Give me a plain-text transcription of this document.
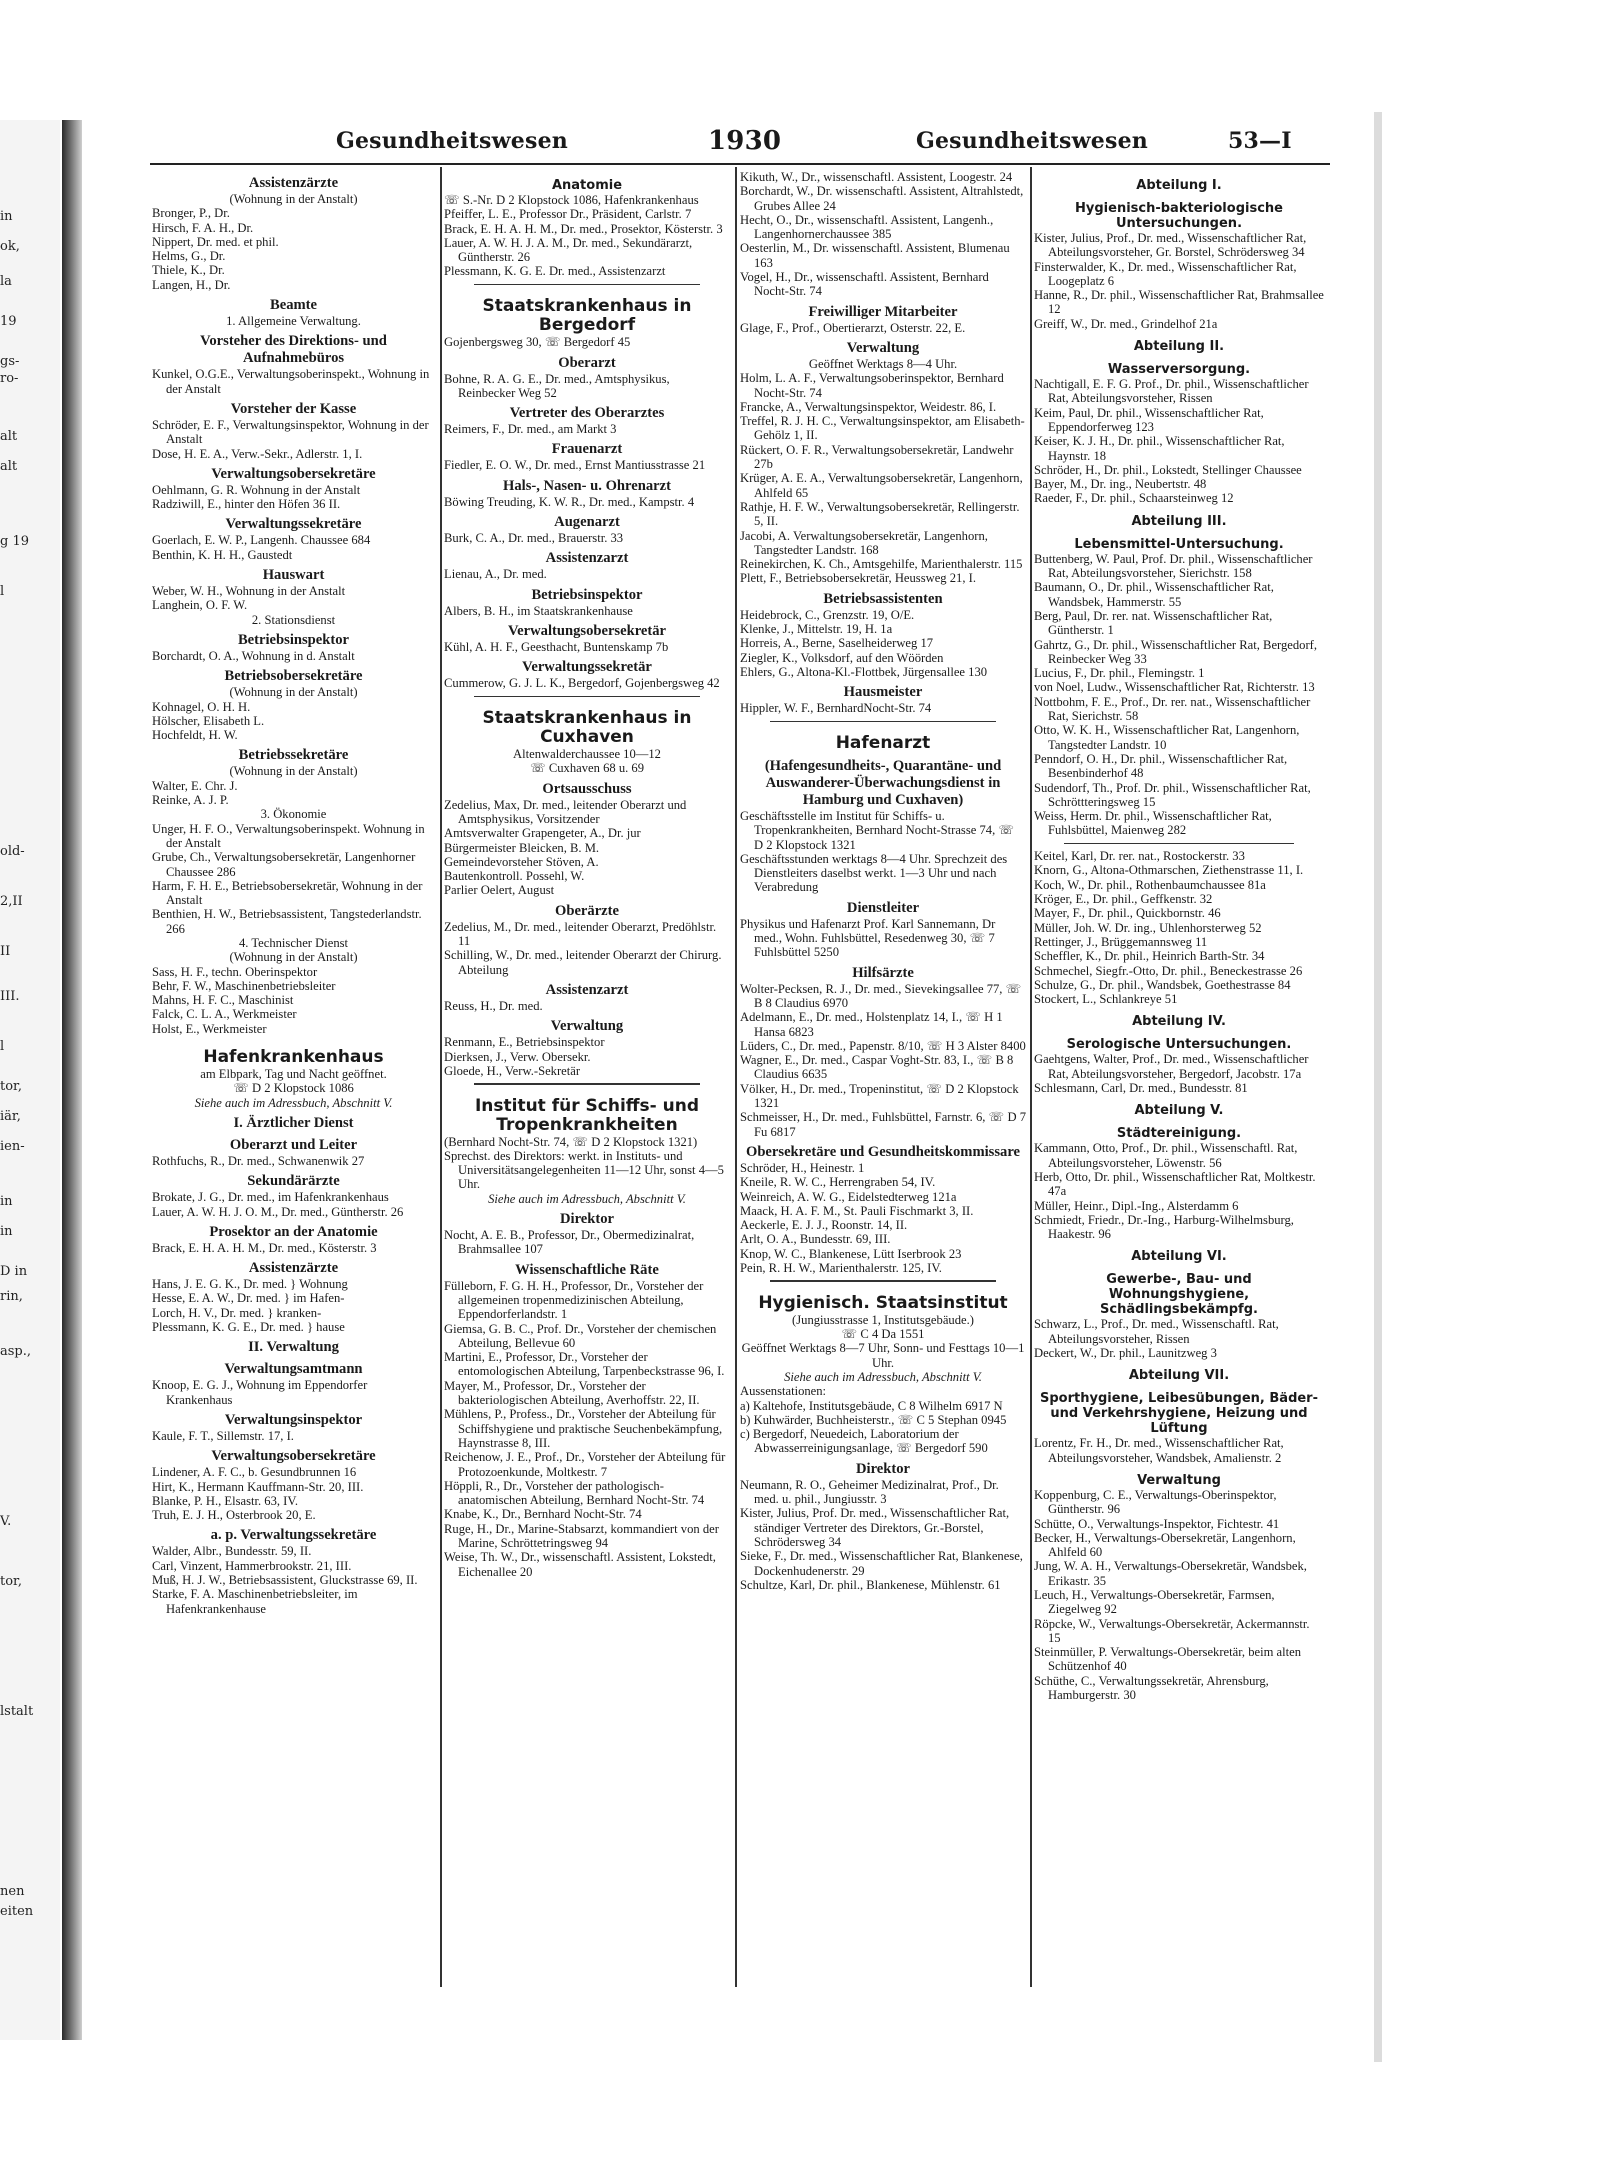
in
ok,
la
19
gs-
ro-
alt
alt
g 19
l
old-
2,II
II
III.
l
tor,
iär,
ien-
in
in
D in
rin,
asp.,
V.
tor,
lstalt
nen
eiten
Gesundheitswesen	1930	Gesundheitswesen	53—I
Assistenzärzte
(Wohnung in der Anstalt)
Bronger, P., Dr.
Hirsch, F. A. H., Dr.
Nippert, Dr. med. et phil.
Helms, G., Dr.
Thiele, K., Dr.
Langen, H., Dr.
Beamte
1. Allgemeine Verwaltung.
Vorsteher des Direktions- und Aufnahmebüros
Kunkel, O.G.E., Verwaltungsoberinspekt., Wohnung in der Anstalt
Vorsteher der Kasse
Schröder, E. F., Verwaltungsinspektor, Wohnung in der Anstalt
Dose, H. E. A., Verw.-Sekr., Adlerstr. 1, I.
Verwaltungsobersekretäre
Oehlmann, G. R. Wohnung in der Anstalt
Radziwill, E., hinter den Höfen 36 II.
Verwaltungssekretäre
Goerlach, E. W. P., Langenh. Chaussee 684
Benthin, K. H. H., Gaustedt
Hauswart
Weber, W. H., Wohnung in der Anstalt
Langhein, O. F. W.
2. Stationsdienst
Betriebsinspektor
Borchardt, O. A., Wohnung in d. Anstalt
Betriebsobersekretäre
(Wohnung in der Anstalt)
Kohnagel, O. H. H.
Hölscher, Elisabeth L.
Hochfeldt, H. W.
Betriebssekretäre
(Wohnung in der Anstalt)
Walter, E. Chr. J.
Reinke, A. J. P.
3. Ökonomie
Unger, H. F. O., Verwaltungsoberinspekt. Wohnung in der Anstalt
Grube, Ch., Verwaltungsobersekretär, Langenhorner Chaussee 286
Harm, F. H. E., Betriebsobersekretär, Wohnung in der Anstalt
Benthien, H. W., Betriebsassistent, Tangstederlandstr. 266
4. Technischer Dienst
(Wohnung in der Anstalt)
Sass, H. F., techn. Oberinspektor
Behr, F. W., Maschinenbetriebsleiter
Mahns, H. F. C., Maschinist
Falck, C. L. A., Werkmeister
Holst, E., Werkmeister
Hafenkrankenhaus
am Elbpark, Tag und Nacht geöffnet.
☏ D 2 Klopstock 1086
Siehe auch im Adressbuch, Abschnitt V.
I. Ärztlicher Dienst
Oberarzt und Leiter
Rothfuchs, R., Dr. med., Schwanenwik 27
Sekundärärzte
Brokate, J. G., Dr. med., im Hafenkrankenhaus
Lauer, A. W. H. J. O. M., Dr. med., Güntherstr. 26
Prosektor an der Anatomie
Brack, E. H. A. H. M., Dr. med., Kösterstr. 3
Assistenzärzte
Hans, J. E. G. K., Dr. med. } Wohnung
Hesse, E. A. W., Dr. med. } im Hafen-
Lorch, H. V., Dr. med. } kranken-
Plessmann, K. G. E., Dr. med. } hause
II. Verwaltung
Verwaltungsamtmann
Knoop, E. G. J., Wohnung im Eppendorfer Krankenhaus
Verwaltungsinspektor
Kaule, F. T., Sillemstr. 17, I.
Verwaltungsobersekretäre
Lindener, A. F. C., b. Gesundbrunnen 16
Hirt, K., Hermann Kauffmann-Str. 20, III.
Blanke, P. H., Elsastr. 63, IV.
Truh, E. J. H., Osterbrook 20, E.
a. p. Verwaltungssekretäre
Walder, Albr., Bundesstr. 59, II.
Carl, Vinzent, Hammerbrookstr. 21, III.
Muß, H. J. W., Betriebsassistent, Gluckstrasse 69, II.
Starke, F. A. Maschinenbetriebsleiter, im Hafenkrankenhause
Anatomie
☏ S.-Nr. D 2 Klopstock 1086, Hafenkrankenhaus
Pfeiffer, L. E., Professor Dr., Präsident, Carlstr. 7
Brack, E. H. A. H. M., Dr. med., Prosektor, Kösterstr. 3
Lauer, A. W. H. J. A. M., Dr. med., Sekundärarzt, Güntherstr. 26
Plessmann, K. G. E. Dr. med., Assistenzarzt
Staatskrankenhaus in Bergedorf
Gojenbergsweg 30, ☏ Bergedorf 45
Oberarzt
Bohne, R. A. G. E., Dr. med., Amtsphysikus, Reinbecker Weg 52
Vertreter des Oberarztes
Reimers, F., Dr. med., am Markt 3
Frauenarzt
Fiedler, E. O. W., Dr. med., Ernst Mantiusstrasse 21
Hals-, Nasen- u. Ohrenarzt
Böwing Treuding, K. W. R., Dr. med., Kampstr. 4
Augenarzt
Burk, C. A., Dr. med., Brauerstr. 33
Assistenzarzt
Lienau, A., Dr. med.
Betriebsinspektor
Albers, B. H., im Staatskrankenhause
Verwaltungsobersekretär
Kühl, A. H. F., Geesthacht, Buntenskamp 7b
Verwaltungssekretär
Cummerow, G. J. L. K., Bergedorf, Gojenbergsweg 42
Staatskrankenhaus in Cuxhaven
Altenwalderchaussee 10—12
☏ Cuxhaven 68 u. 69
Ortsausschuss
Zedelius, Max, Dr. med., leitender Oberarzt und Amtsphysikus, Vorsitzender
Amtsverwalter Grapengeter, A., Dr. jur
Bürgermeister Bleicken, B. M.
Gemeindevorsteher Stöven, A.
Bautenkontroll. Possehl, W.
Parlier Oelert, August
Oberärzte
Zedelius, M., Dr. med., leitender Oberarzt, Predöhlstr. 11
Schilling, W., Dr. med., leitender Oberarzt der Chirurg. Abteilung
Assistenzarzt
Reuss, H., Dr. med.
Verwaltung
Renmann, E., Betriebsinspektor
Dierksen, J., Verw. Obersekr.
Gloede, H., Verw.-Sekretär
Institut für Schiffs- und Tropenkrankheiten
(Bernhard Nocht-Str. 74, ☏ D 2 Klopstock 1321)
Sprechst. des Direktors: werkt. in Instituts- und Universitätsangelegenheiten 11—12 Uhr, sonst 4—5 Uhr.
Siehe auch im Adressbuch, Abschnitt V.
Direktor
Nocht, A. E. B., Professor, Dr., Obermedizinalrat, Brahmsallee 107
Wissenschaftliche Räte
Fülleborn, F. G. H. H., Professor, Dr., Vorsteher der allgemeinen tropenmedizinischen Abteilung, Eppendorferlandstr. 1
Giemsa, G. B. C., Prof. Dr., Vorsteher der chemischen Abteilung, Bellevue 60
Martini, E., Professor, Dr., Vorsteher der entomologischen Abteilung, Tarpenbeckstrasse 96, I.
Mayer, M., Professor, Dr., Vorsteher der bakteriologischen Abteilung, Averhoffstr. 22, II.
Mühlens, P., Profess., Dr., Vorsteher der Abteilung für Schiffshygiene und praktische Seuchenbekämpfung, Haynstrasse 8, III.
Reichenow, J. E., Prof., Dr., Vorsteher der Abteilung für Protozoenkunde, Moltkestr. 7
Höppli, R., Dr., Vorsteher der pathologisch-anatomischen Abteilung, Bernhard Nocht-Str. 74
Knabe, K., Dr., Bernhard Nocht-Str. 74
Ruge, H., Dr., Marine-Stabsarzt, kommandiert von der Marine, Schröttetringsweg 94
Weise, Th. W., Dr., wissenschaftl. Assistent, Lokstedt, Eichenallee 20
Kikuth, W., Dr., wissenschaftl. Assistent, Loogestr. 24
Borchardt, W., Dr. wissenschaftl. Assistent, Altrahlstedt, Grubes Allee 24
Hecht, O., Dr., wissenschaftl. Assistent, Langenh., Langenhornerchaussee 385
Oesterlin, M., Dr. wissenschaftl. Assistent, Blumenau 163
Vogel, H., Dr., wissenschaftl. Assistent, Bernhard Nocht-Str. 74
Freiwilliger Mitarbeiter
Glage, F., Prof., Obertierarzt, Osterstr. 22, E.
Verwaltung
Geöffnet Werktags 8—4 Uhr.
Holm, L. A. F., Verwaltungsoberinspektor, Bernhard Nocht-Str. 74
Francke, A., Verwaltungsinspektor, Weidestr. 86, I.
Treffel, R. J. H. C., Verwaltungsinspektor, am Elisabeth-Gehölz 1, II.
Rückert, O. F. R., Verwaltungsobersekretär, Landwehr 27b
Krüger, A. E. A., Verwaltungsobersekretär, Langenhorn, Ahlfeld 65
Rathje, H. F. W., Verwaltungsobersekretär, Rellingerstr. 5, II.
Jacobi, A. Verwaltungsobersekretär, Langenhorn, Tangstedter Landstr. 168
Reinekirchen, K. Ch., Amtsgehilfe, Marienthalerstr. 115
Plett, F., Betriebsobersekretär, Heussweg 21, I.
Betriebsassistenten
Heidebrock, C., Grenzstr. 19, O/E.
Klenke, J., Mittelstr. 19, H. 1a
Horreis, A., Berne, Saselheiderweg 17
Ziegler, K., Volksdorf, auf den Wöörden
Ehlers, G., Altona-Kl.-Flottbek, Jürgensallee 130
Hausmeister
Hippler, W. F., BernhardNocht-Str. 74
Hafenarzt
(Hafengesundheits-, Quarantäne- und Auswanderer-Überwachungsdienst in Hamburg und Cuxhaven)
Geschäftsstelle im Institut für Schiffs- u. Tropenkrankheiten, Bernhard Nocht-Strasse 74, ☏ D 2 Klopstock 1321
Geschäftsstunden werktags 8—4 Uhr. Sprechzeit des Dienstleiters daselbst werkt. 1—3 Uhr und nach Verabredung
Dienstleiter
Physikus und Hafenarzt Prof. Karl Sannemann, Dr med., Wohn. Fuhlsbüttel, Resedenweg 30, ☏ 7 Fuhlsbüttel 5250
Hilfsärzte
Wolter-Pecksen, R. J., Dr. med., Sievekingsallee 77, ☏ B 8 Claudius 6970
Adelmann, E., Dr. med., Holstenplatz 14, I., ☏ H 1 Hansa 6823
Lüders, C., Dr. med., Papenstr. 8/10, ☏ H 3 Alster 8400
Wagner, E., Dr. med., Caspar Voght-Str. 83, I., ☏ B 8 Claudius 6635
Völker, H., Dr. med., Tropeninstitut, ☏ D 2 Klopstock 1321
Schmeisser, H., Dr. med., Fuhlsbüttel, Farnstr. 6, ☏ D 7 Fu 6817
Obersekretäre und Gesundheitskommissare
Schröder, H., Heinestr. 1
Kneile, R. W. C., Herrengraben 54, IV.
Weinreich, A. W. G., Eidelstedterweg 121a
Maack, H. A. F. M., St. Pauli Fischmarkt 3, II.
Aeckerle, E. J. J., Roonstr. 14, II.
Arlt, O. A., Bundesstr. 69, III.
Knop, W. C., Blankenese, Lütt Iserbrook 23
Pein, R. H. W., Marienthalerstr. 125, IV.
Hygienisch. Staatsinstitut
(Jungiusstrasse 1, Institutsgebäude.)
☏ C 4 Da 1551
Geöffnet Werktags 8—7 Uhr, Sonn- und Festtags 10—1 Uhr.
Siehe auch im Adressbuch, Abschnitt V.
Aussenstationen:
a) Kaltehofe, Institutsgebäude, C 8 Wilhelm 6917 N
b) Kuhwärder, Buchheisterstr., ☏ C 5 Stephan 0945
c) Bergedorf, Neuedeich, Laboratorium der Abwasserreinigungsanlage, ☏ Bergedorf 590
Direktor
Neumann, R. O., Geheimer Medizinalrat, Prof., Dr. med. u. phil., Jungiusstr. 3
Kister, Julius, Prof. Dr. med., Wissenschaftlicher Rat, ständiger Vertreter des Direktors, Gr.-Borstel, Schrödersweg 34
Sieke, F., Dr. med., Wissenschaftlicher Rat, Blankenese, Dockenhudenerstr. 29
Schultze, Karl, Dr. phil., Blankenese, Mühlenstr. 61
Abteilung I.
Hygienisch-bakteriologische Untersuchungen.
Kister, Julius, Prof., Dr. med., Wissenschaftlicher Rat, Abteilungsvorsteher, Gr. Borstel, Schrödersweg 34
Finsterwalder, K., Dr. med., Wissenschaftlicher Rat, Loogeplatz 6
Hanne, R., Dr. phil., Wissenschaftlicher Rat, Brahmsallee 12
Greiff, W., Dr. med., Grindelhof 21a
Abteilung II.
Wasserversorgung.
Nachtigall, E. F. G. Prof., Dr. phil., Wissenschaftlicher Rat, Abteilungsvorsteher, Rissen
Keim, Paul, Dr. phil., Wissenschaftlicher Rat, Eppendorferweg 123
Keiser, K. J. H., Dr. phil., Wissenschaftlicher Rat, Haynstr. 18
Schröder, H., Dr. phil., Lokstedt, Stellinger Chaussee
Bayer, M., Dr. ing., Neubertstr. 48
Raeder, F., Dr. phil., Schaarsteinweg 12
Abteilung III.
Lebensmittel-Untersuchung.
Buttenberg, W. Paul, Prof. Dr. phil., Wissenschaftlicher Rat, Abteilungsvorsteher, Sierichstr. 158
Baumann, O., Dr. phil., Wissenschaftlicher Rat, Wandsbek, Hammerstr. 55
Berg, Paul, Dr. rer. nat. Wissenschaftlicher Rat, Güntherstr. 1
Gahrtz, G., Dr. phil., Wissenschaftlicher Rat, Bergedorf, Reinbecker Weg 33
Lucius, F., Dr. phil., Flemingstr. 1
von Noel, Ludw., Wissenschaftlicher Rat, Richterstr. 13
Nottbohm, F. E., Prof., Dr. rer. nat., Wissenschaftlicher Rat, Sierichstr. 58
Otto, W. K. H., Wissenschaftlicher Rat, Langenhorn, Tangstedter Landstr. 10
Penndorf, O. H., Dr. phil., Wissenschaftlicher Rat, Besenbinderhof 48
Sudendorf, Th., Prof. Dr. phil., Wissenschaftlicher Rat, Schröttteringsweg 15
Weiss, Herm. Dr. phil., Wissenschaftlicher Rat, Fuhlsbüttel, Maienweg 282
Keitel, Karl, Dr. rer. nat., Rostockerstr. 33
Knorn, G., Altona-Othmarschen, Ziethenstrasse 11, I.
Koch, W., Dr. phil., Rothenbaumchaussee 81a
Kröger, E., Dr. phil., Geffkenstr. 32
Mayer, F., Dr. phil., Quickbornstr. 46
Müller, Joh. W. Dr. ing., Uhlenhorsterweg 52
Rettinger, J., Brüggemannsweg 11
Scheffler, K., Dr. phil., Heinrich Barth-Str. 34
Schmechel, Siegfr.-Otto, Dr. phil., Beneckestrasse 26
Schulze, G., Dr. phil., Wandsbek, Goethestrasse 84
Stockert, L., Schlankreye 51
Abteilung IV.
Serologische Untersuchungen.
Gaehtgens, Walter, Prof., Dr. med., Wissenschaftlicher Rat, Abteilungsvorsteher, Bergedorf, Jacobstr. 17a
Schlesmann, Carl, Dr. med., Bundesstr. 81
Abteilung V.
Städtereinigung.
Kammann, Otto, Prof., Dr. phil., Wissenschaftl. Rat, Abteilungsvorsteher, Löwenstr. 56
Herb, Otto, Dr. phil., Wissenschaftlicher Rat, Moltkestr. 47a
Müller, Heinr., Dipl.-Ing., Alsterdamm 6
Schmiedt, Friedr., Dr.-Ing., Harburg-Wilhelmsburg, Haakestr. 96
Abteilung VI.
Gewerbe-, Bau- und Wohnungshygiene, Schädlingsbekämpfg.
Schwarz, L., Prof., Dr. med., Wissenschaftl. Rat, Abteilungsvorsteher, Rissen
Deckert, W., Dr. phil., Launitzweg 3
Abteilung VII.
Sporthygiene, Leibesübungen, Bäder- und Verkehrshygiene, Heizung und Lüftung
Lorentz, Fr. H., Dr. med., Wissenschaftlicher Rat, Abteilungsvorsteher, Wandsbek, Amalienstr. 2
Verwaltung
Koppenburg, C. E., Verwaltungs-Oberinspektor, Güntherstr. 96
Schütte, O., Verwaltungs-Inspektor, Fichtestr. 41
Becker, H., Verwaltungs-Obersekretär, Langenhorn, Ahlfeld 60
Jung, W. A. H., Verwaltungs-Obersekretär, Wandsbek, Erikastr. 35
Leuch, H., Verwaltungs-Obersekretär, Farmsen, Ziegelweg 92
Röpcke, W., Verwaltungs-Obersekretär, Ackermannstr. 15
Steinmüller, P. Verwaltungs-Obersekretär, beim alten Schützenhof 40
Schüthe, C., Verwaltungssekretär, Ahrensburg, Hamburgerstr. 30
